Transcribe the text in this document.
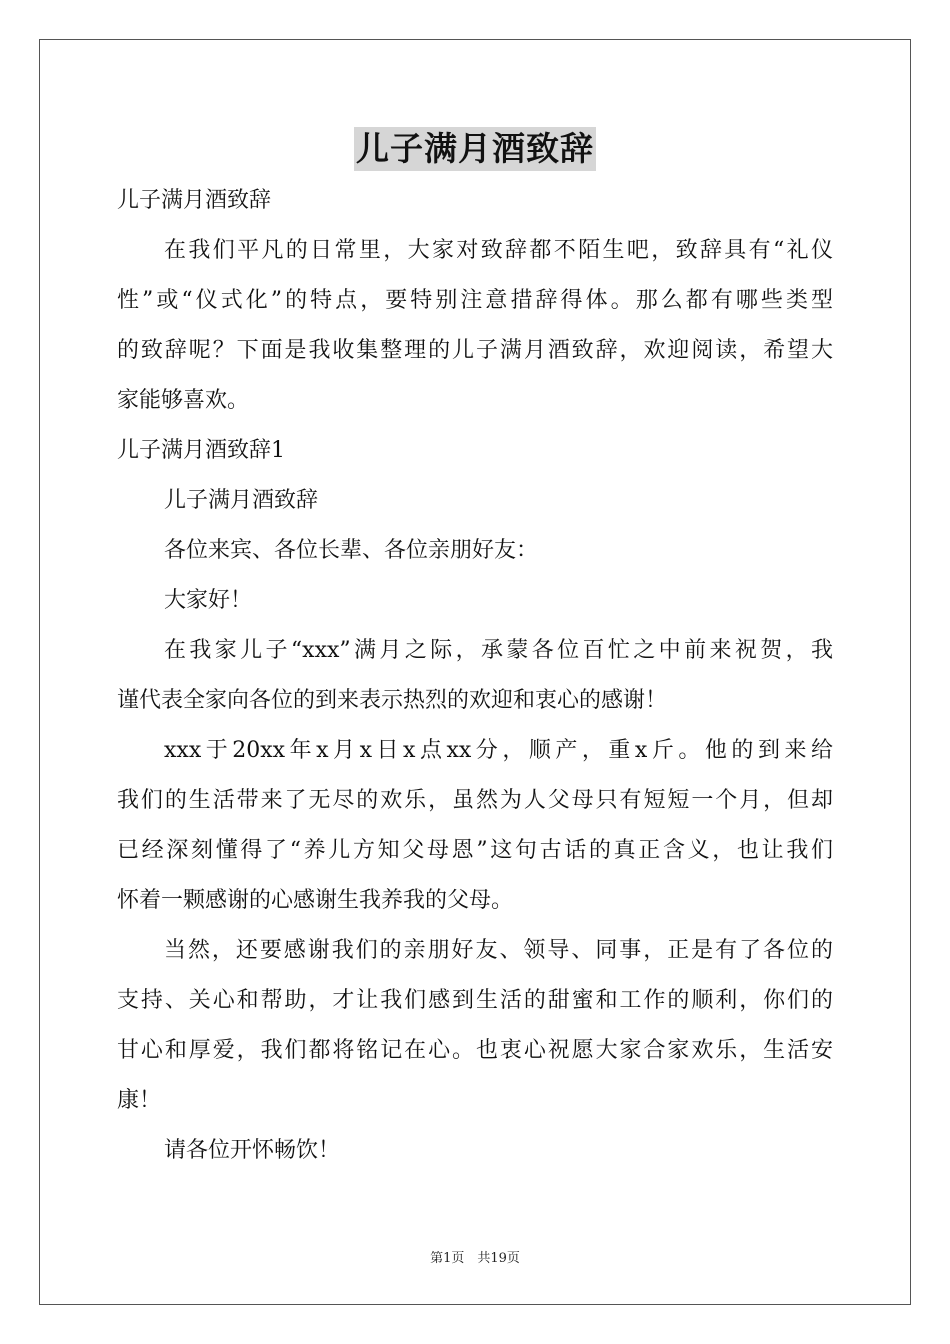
儿子满月酒致辞
儿子满月酒致辞
在我们平凡的日常里，大家对致辞都不陌生吧，致辞具有“礼仪
性”或“仪式化”的特点，要特别注意措辞得体。那么都有哪些类型
的致辞呢？下面是我收集整理的儿子满月酒致辞，欢迎阅读，希望大
家能够喜欢。
儿子满月酒致辞1
儿子满月酒致辞
各位来宾、各位长辈、各位亲朋好友：
大家好！
在我家儿子“xxx”满月之际，承蒙各位百忙之中前来祝贺，我
谨代表全家向各位的到来表示热烈的欢迎和衷心的感谢！
xxx于20xx年x月x日x点xx分，顺产，重x斤。他的到来给
我们的生活带来了无尽的欢乐，虽然为人父母只有短短一个月，但却
已经深刻懂得了“养儿方知父母恩”这句古话的真正含义，也让我们
怀着一颗感谢的心感谢生我养我的父母。
当然，还要感谢我们的亲朋好友、领导、同事，正是有了各位的
支持、关心和帮助，才让我们感到生活的甜蜜和工作的顺利，你们的
甘心和厚爱，我们都将铭记在心。也衷心祝愿大家合家欢乐，生活安
康！
请各位开怀畅饮！
第1页　共19页
